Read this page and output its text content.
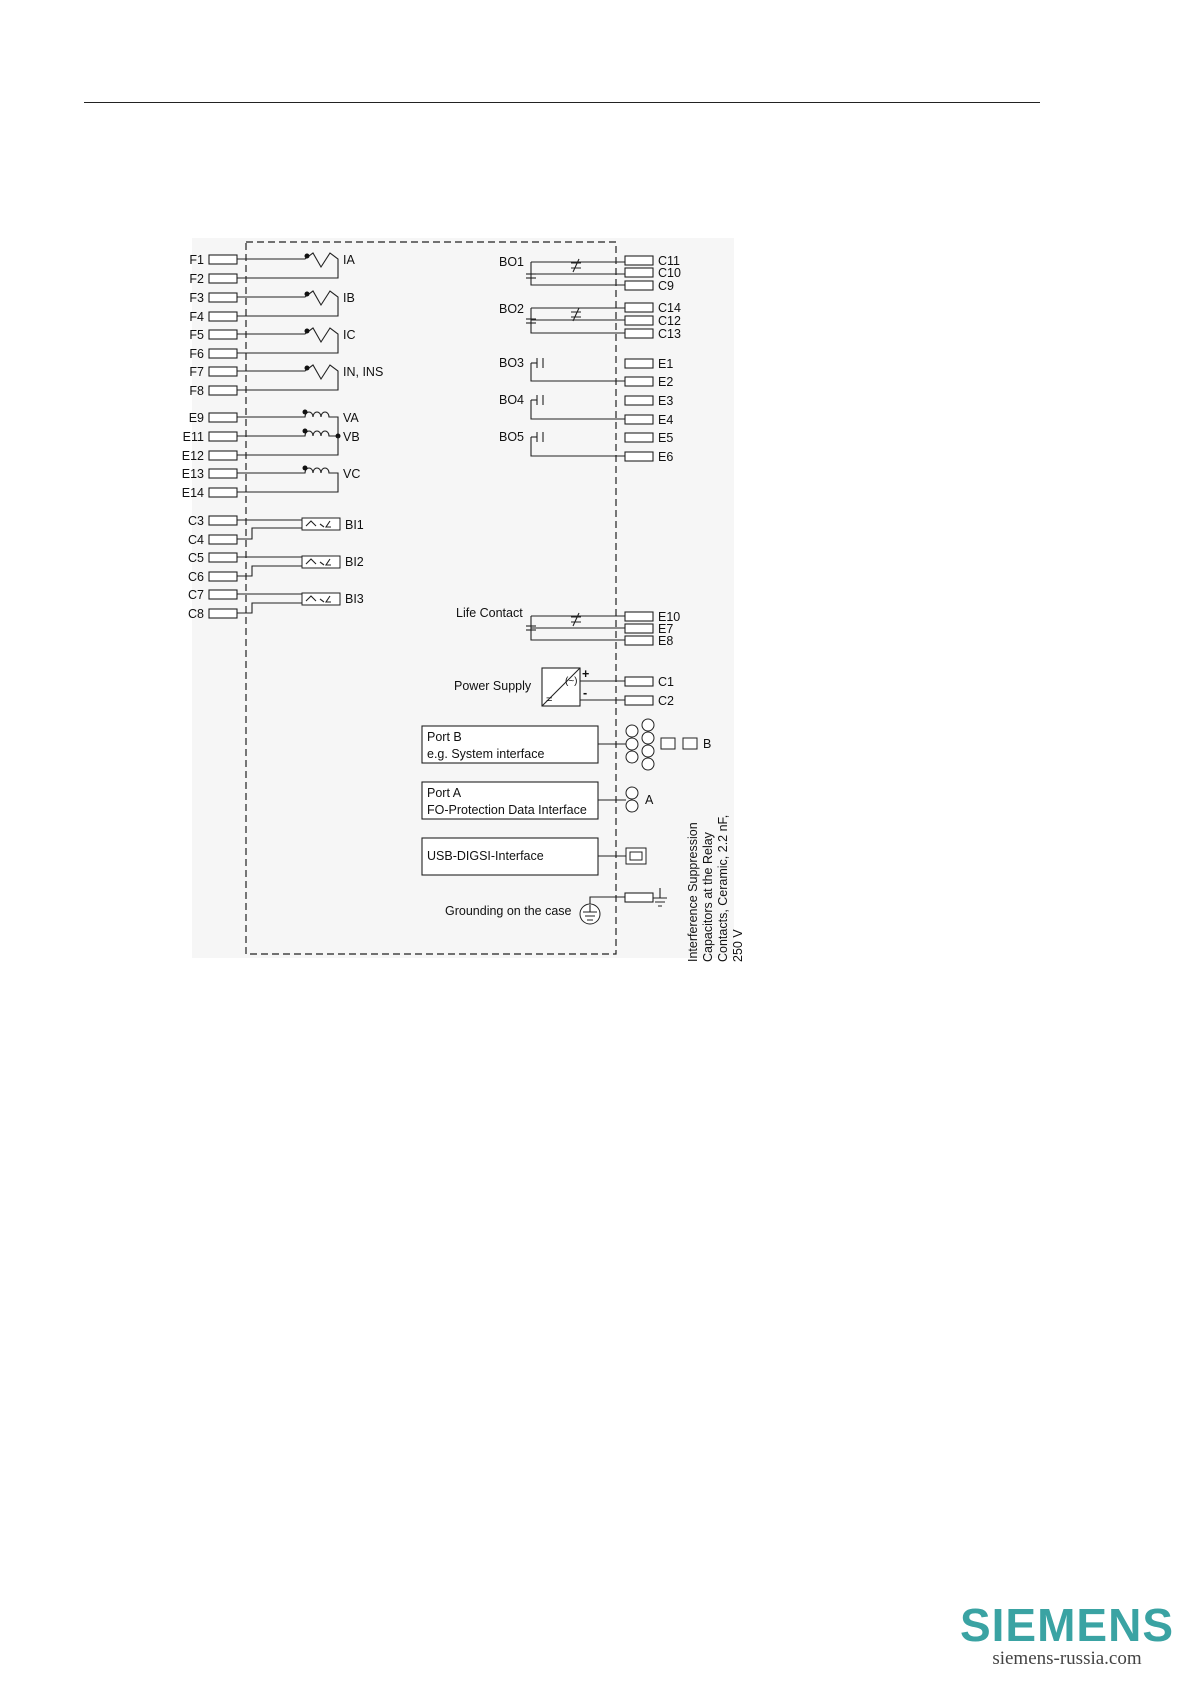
F1
F2
F3
F4
F5
F6
F7
F8
E9
E11
E12
E13
E14
C3
C4
C5
C6
C7
C8
IA
IB
IC
IN, INS
VA
VB
VC
BI1
BI2
BI3
C11
C10
C9
C14
C12
C13
E1
E2
E3
E4
E5
E6
E10
E7
E8
C1
C2
BO1
BO2
BO3
BO4
BO5
Life Contact
Power Supply	(~)
=
+
-
Port B
e.g. System interface
B
Port A
FO-Protection Data Interface
A
USB-DIGSI-Interface
Grounding on the case	Interference Suppression Capacitors at the Relay Contacts, Ceramic, 2.2 nF, 250 V
SIEMENS
siemens-russia.com
